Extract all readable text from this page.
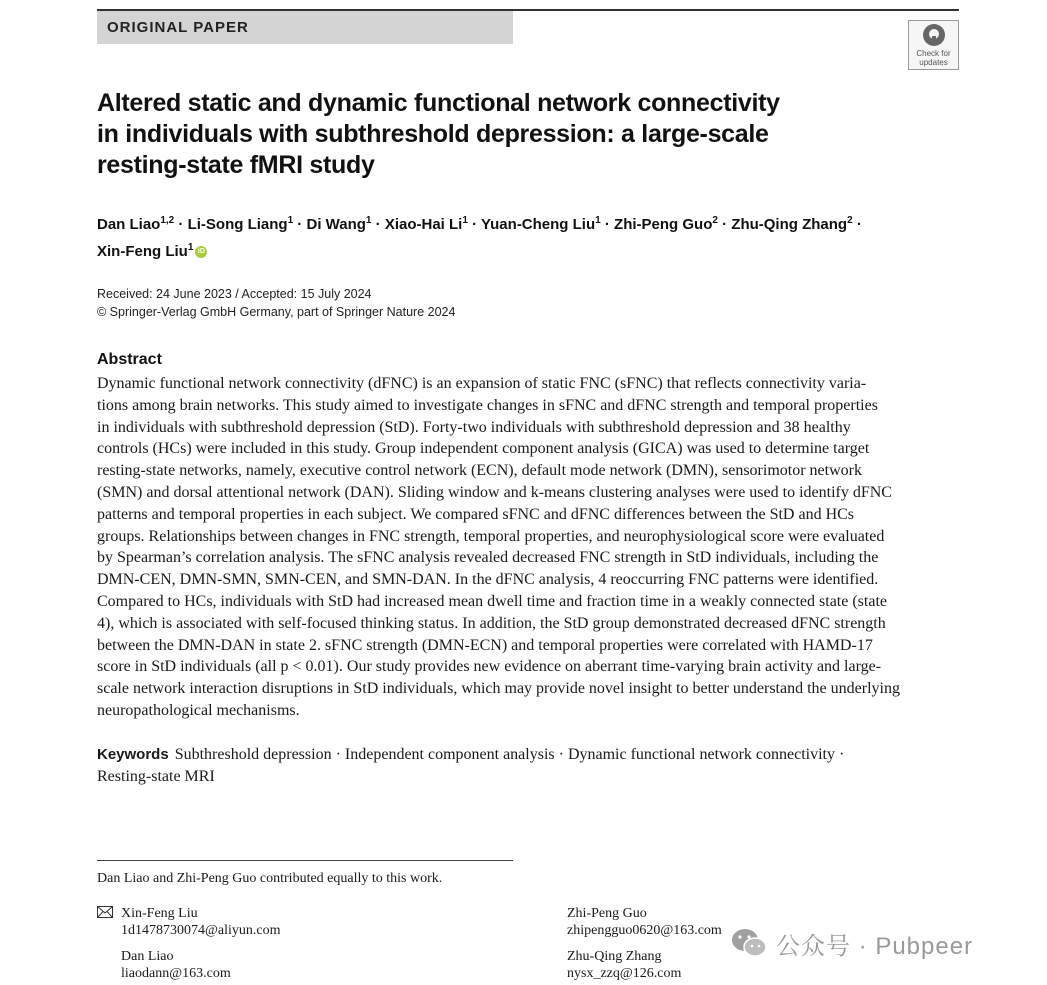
ORIGINAL PAPER
Check for
updates
Altered static and dynamic functional network connectivity
in individuals with subthreshold depression: a large-scale
resting-state fMRI study
Dan Liao$^{1,2}$ · Li-Song Liang$^1$ · Di Wang$^1$ · Xiao-Hai $Li^1$ · Yuan-Cheng Liu$^1$ · Zhi-Peng Guo$^2$ · Zhu-Qing Zhang$^2$ ·
Xin-Feng Liu$^1$ iD
Received: 24 June 2023 / Accepted: 15 July 2024
© Springer-Verlag GmbH Germany, part of Springer Nature 2024
Abstract
Dynamic functional network connectivity (dFNC) is an expansion of static FNC (sFNC) that reflects connectivity varia-
tions among brain networks. This study aimed to investigate changes in sFNC and dFNC strength and temporal properties
in individuals with subthreshold depression (StD). Forty-two individuals with subthreshold depression and 38 healthy
controls (HCs) were included in this study. Group independent component analysis (GICA) was used to determine target
resting-state networks, namely, executive control network (ECN), default mode network (DMN), sensorimotor network
(SMN) and dorsal attentional network (DAN). Sliding window and k-means clustering analyses were used to identify dFNC
patterns and temporal properties in each subject. We compared sFNC and dFNC differences between the StD and HCs
groups. Relationships between changes in FNC strength, temporal properties, and neurophysiological score were evaluated
by Spearman’s correlation analysis. The sFNC analysis revealed decreased FNC strength in StD individuals, including the
DMN-CEN, DMN-SMN, SMN-CEN, and SMN-DAN. In the dFNC analysis, 4 reoccurring FNC patterns were identified.
Compared to HCs, individuals with StD had increased mean dwell time and fraction time in a weakly connected state (state
4), which is associated with self-focused thinking status. In addition, the StD group demonstrated decreased dFNC strength
between the DMN-DAN in state 2. sFNC strength (DMN-ECN) and temporal properties were correlated with HAMD-17
score in StD individuals (all p < 0.01). Our study provides new evidence on aberrant time-varying brain activity and large-
scale network interaction disruptions in StD individuals, which may provide novel insight to better understand the underlying
neuropathological mechanisms.
Keywords Subthreshold depression · Independent component analysis · Dynamic functional network connectivity ·
Resting-state MRI
Dan Liao and Zhi-Peng Guo contributed equally to this work.
Xin-Feng Liu
1d1478730074@aliyun.com
Dan Liao
liaodann@163.com
Zhi-Peng Guo
zhipengguo0620@163.com
Zhu-Qing Zhang
nysx_zzq@126.com
公众号 · Pubpeer
